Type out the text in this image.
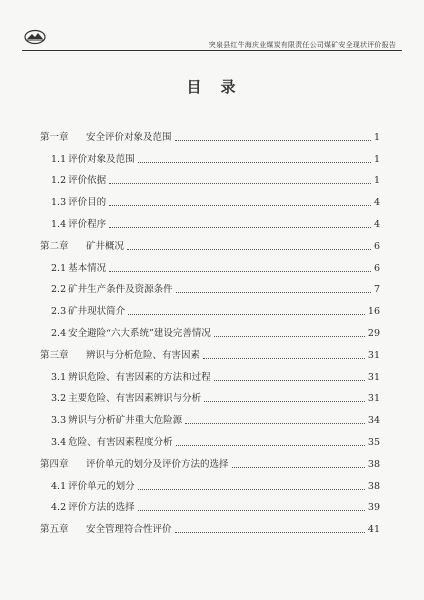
突泉县红牛海庆业煤炭有限责任公司煤矿安全现状评价报告
目　录
第一章	安全评价对象及范围	1
1.1 评价对象及范围	1
1.2 评价依据	1
1.3 评价目的	4
1.4 评价程序	4
第二章	矿井概况	6
2.1 基本情况	6
2.2 矿井生产条件及资源条件	7
2.3 矿井现状简介	16
2.4 安全避险“六大系统”建设完善情况	29
第三章	辨识与分析危险、有害因素	31
3.1 辨识危险、有害因素的方法和过程	31
3.2 主要危险、有害因素辨识与分析	31
3.3 辨识与分析矿井重大危险源	34
3.4 危险、有害因素程度分析	35
第四章	评价单元的划分及评价方法的选择	38
4.1 评价单元的划分	38
4.2 评价方法的选择	39
第五章	安全管理符合性评价	41
